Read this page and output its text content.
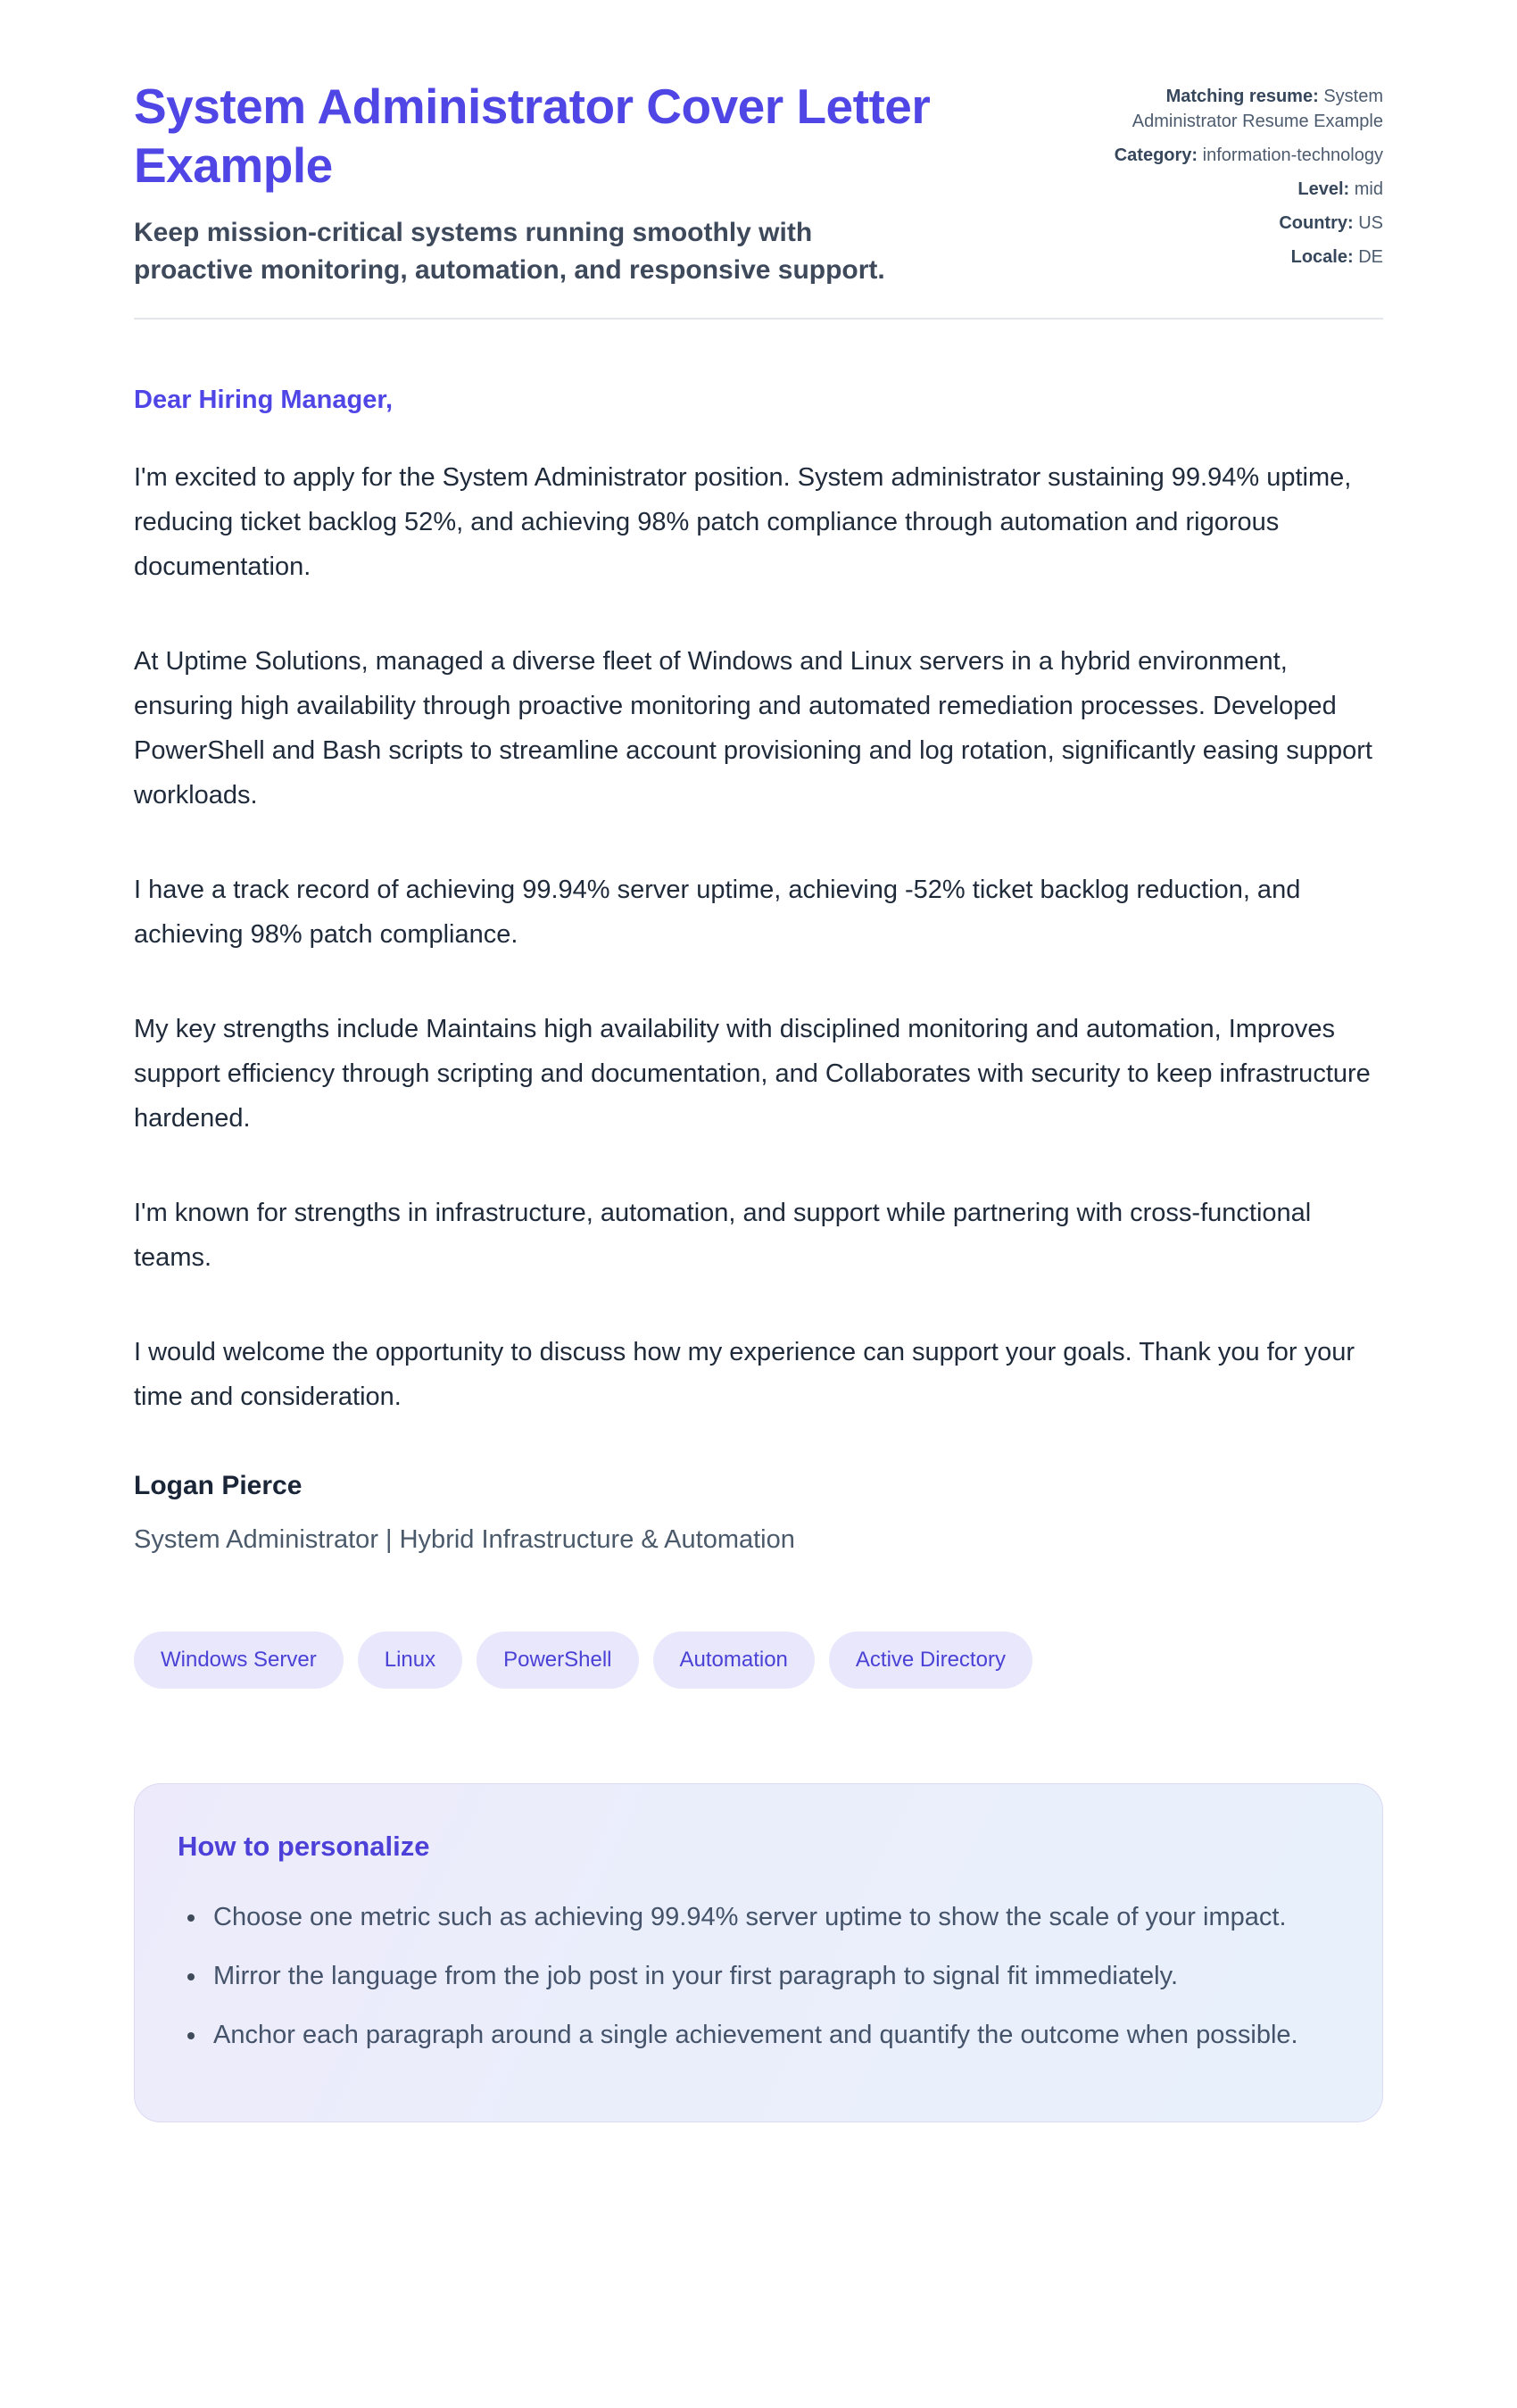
System Administrator Cover Letter Example
Keep mission-critical systems running smoothly with proactive monitoring, automation, and responsive support.
Matching resume: System Administrator Resume Example
Category: information-technology
Level: mid
Country: US
Locale: DE
Dear Hiring Manager,

I'm excited to apply for the System Administrator position. System administrator sustaining 99.94% uptime, reducing ticket backlog 52%, and achieving 98% patch compliance through automation and rigorous documentation.

At Uptime Solutions, managed a diverse fleet of Windows and Linux servers in a hybrid environment, ensuring high availability through proactive monitoring and automated remediation processes. Developed PowerShell and Bash scripts to streamline account provisioning and log rotation, significantly easing support workloads.

I have a track record of achieving 99.94% server uptime, achieving -52% ticket backlog reduction, and achieving 98% patch compliance.

My key strengths include Maintains high availability with disciplined monitoring and automation, Improves support efficiency through scripting and documentation, and Collaborates with security to keep infrastructure hardened.

I'm known for strengths in infrastructure, automation, and support while partnering with cross-functional teams.

I would welcome the opportunity to discuss how my experience can support your goals. Thank you for your time and consideration.

Logan Pierce
System Administrator | Hybrid Infrastructure & Automation
Windows Server	Linux	PowerShell	Automation	Active Directory
How to personalize
• Choose one metric such as achieving 99.94% server uptime to show the scale of your impact.
• Mirror the language from the job post in your first paragraph to signal fit immediately.
• Anchor each paragraph around a single achievement and quantify the outcome when possible.
